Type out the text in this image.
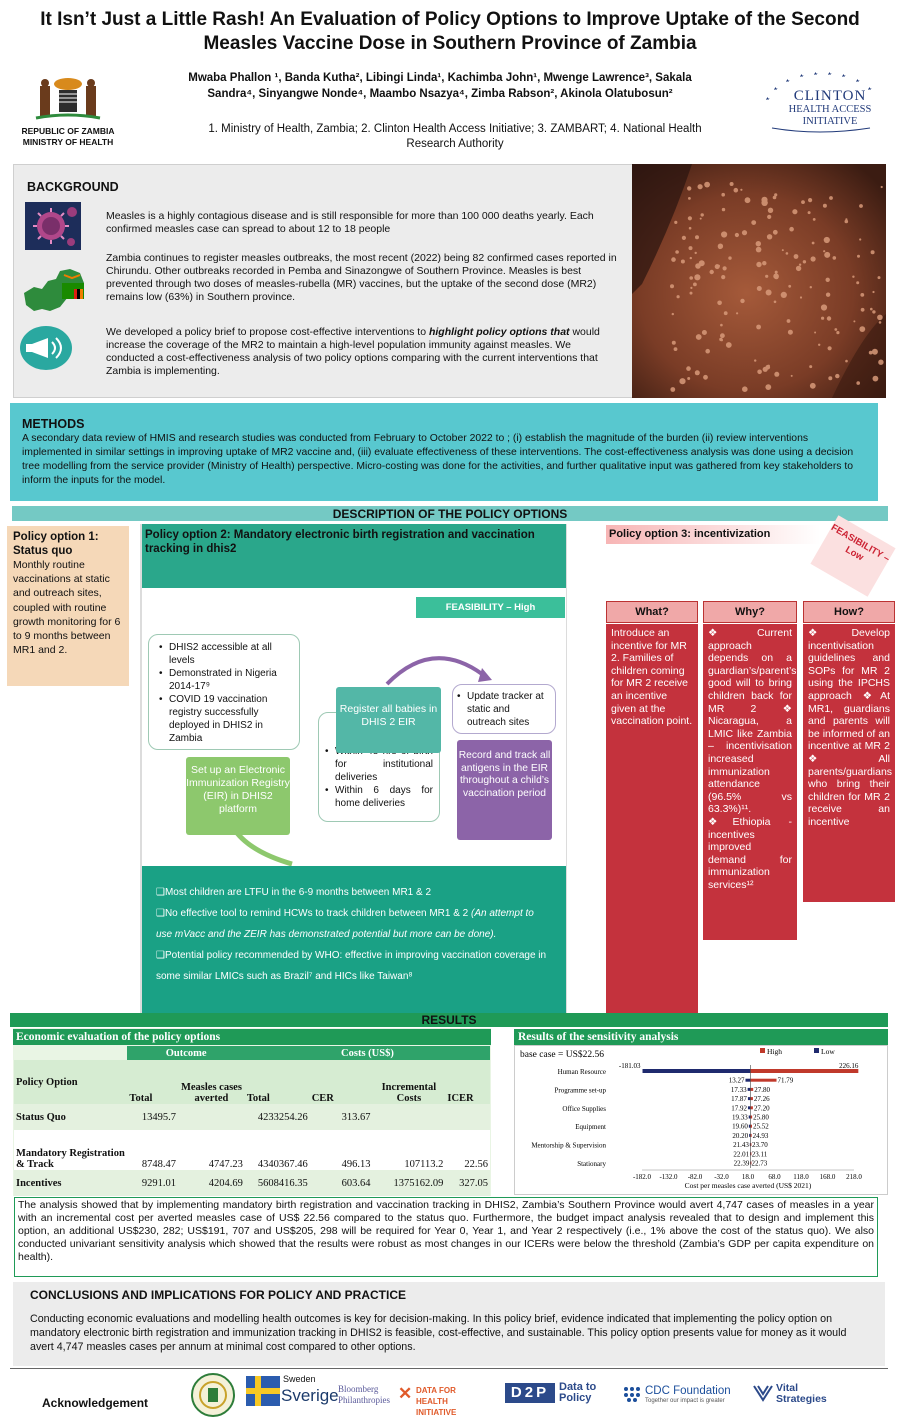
It Isn’t Just a Little Rash! An Evaluation of Policy Options to Improve Uptake of the Second Measles Vaccine Dose in Southern Province of Zambia
REPUBLIC OF ZAMBIA
MINISTRY OF HEALTH
Mwaba Phallon ¹, Banda Kutha², Libingi Linda¹, Kachimba John¹, Mwenge Lawrence³, Sakala
Sandra⁴, Sinyangwe Nonde⁴, Maambo Nsazya⁴, Zimba Rabson², Akinola Olatubosun²
1. Ministry of Health, Zambia; 2. Clinton Health Access Initiative; 3. ZAMBART; 4. National Health Research Authority
CLINTON
HEALTH ACCESS INITIATIVE
BACKGROUND
Measles is a highly contagious disease and is still responsible for more than 100 000 deaths yearly. Each confirmed measles case can spread to about 12 to 18 people
Zambia continues to register measles outbreaks, the most recent (2022) being 82 confirmed cases reported in Chirundu. Other outbreaks recorded in Pemba and Sinazongwe of Southern Province. Measles is best prevented through two doses of measles-rubella (MR) vaccines, but the uptake of the second dose (MR2) remains low (63%) in Southern province.
We developed a policy brief to propose cost-effective interventions to highlight policy options that would increase the coverage of the MR2 to maintain a high-level population immunity against measles. We conducted a cost-effectiveness analysis of two policy options comparing with the current interventions that Zambia is implementing.
METHODS
A secondary data review of HMIS and research studies was conducted from February to October 2022 to ; (i) establish the magnitude of the burden (ii) review interventions implemented in similar settings in improving uptake of MR2 vaccine and, (iii) evaluate effectiveness of these interventions. The cost-effectiveness analysis was done using a decision tree modelling from the service provider (Ministry of Health) perspective. Micro-costing was done for the activities, and further qualitative input was gathered from key stakeholders to inform the inputs for the model.
DESCRIPTION OF THE POLICY OPTIONS
Policy option 1: Status quo
Monthly routine vaccinations at static and outreach sites, coupled with routine growth monitoring for 6 to 9 months between MR1 and 2.
Policy option 2: Mandatory electronic birth registration and vaccination tracking in dhis2
FEASIBILITY – High
• DHIS2 accessible at all levels
• Demonstrated in Nigeria 2014-17⁹
• COVID 19 vaccination registry successfully deployed in DHIS2 in Zambia
Set up an Electronic Immunization Registry (EIR) in DHIS2 platform
• for institutional deliveries
• Within 6 days for home deliveries
Register all babies in DHIS 2 EIR
• Update tracker at static and outreach sites
Record and track all antigens in the EIR throughout a child’s vaccination period
❑Most children are LTFU in the 6-9 months between MR1 & 2
❑No effective tool to remind HCWs to track children between MR1 & 2 (An attempt to use mVacc and the ZEIR has demonstrated potential but more can be done).
❑Potential policy recommended by WHO: effective in improving vaccination coverage in some similar LMICs such as Brazil⁷ and HICs like Taiwan⁸
Policy option 3: incentivization	FEASIBILITY –Low
What?
Introduce an incentive for MR 2. Families of children coming for MR 2 receive an incentive given at the vaccination point.
Why?
❖Current approach depends on a guardian’s/parent’s good will to bring children back for MR 2 ❖ Nicaragua, a LMIC like Zambia – incentivisation increased immunization attendance (96.5% vs 63.3%)¹¹. ❖Ethiopia - incentives improved demand for immunization services¹²
How?
❖Develop incentivisation guidelines and SOPs for MR 2 using the IPCHS approach ❖At MR1, guardians and parents will be informed of an incentive at MR 2 ❖All parents/guardians who bring their children for MR 2 receive an incentive
RESULTS
Economic evaluation of the policy options
	Outcome		Costs (US$)			
Policy Option	Total	Measles cases averted	Total	CER	Incremental Costs	ICER
Status Quo	13495.7		4233254.26	313.67		
Mandatory Registration & Track	8748.47	4747.23	4340367.46	496.13	107113.2	22.56
Incentives	9291.01	4204.69	5608416.35	603.64	1375162.09	327.05
Results of the sensitivity analysis
base case = US$22.56	High	Low
-181.03	226.16
13.27	71.79
17.33 27.80
17.87 27.26
17.92 27.20
19.33 25.80
19.60 25.52
20.20 24.93
21.43 23.70
22.01 23.11
22.39 22.73
Human Resource
Programme set-up
Office Supplies
Equipment
Mentorship & Supervision
Stationary
-182.0 -132.0 -82.0 -32.0 18.0 68.0 118.0 168.0 218.0
Cost per measles case averted (US$ 2021)
The analysis showed that by implementing mandatory birth registration and vaccination tracking in DHIS2, Zambia’s Southern Province would avert 4,747 cases of measles in a year with an incremental cost per averted measles case of US$ 22.56 compared to the status quo. Furthermore, the budget impact analysis revealed that to design and implement this option, an additional US$230, 282; US$191, 707 and US$205, 298 will be required for Year 0, Year 1, and Year 2 respectively (i.e., 1% above the cost of the status quo). We also conducted univariant sensitivity analysis which showed that the results were robust as most changes in our ICERs were below the threshold (Zambia’s GDP per capita expenditure on health).
CONCLUSIONS AND IMPLICATIONS FOR POLICY AND PRACTICE
Conducting economic evaluations and modelling health outcomes is key for decision-making. In this policy brief, evidence indicated that implementing the policy option on mandatory electronic birth registration and immunization tracking in DHIS2 is feasible, cost-effective, and sustainable. This policy option presents value for money as it would avert 4,747 measles cases per annum at minimal cost compared to other options.
Acknowledgement
Sweden
Sverige Bloomberg Philanthropies ✕ DATA FOR HEALTH INITIATIVE
D2P Data to Policy
CDC Foundation
Together our impact is greater
Vital Strategies
